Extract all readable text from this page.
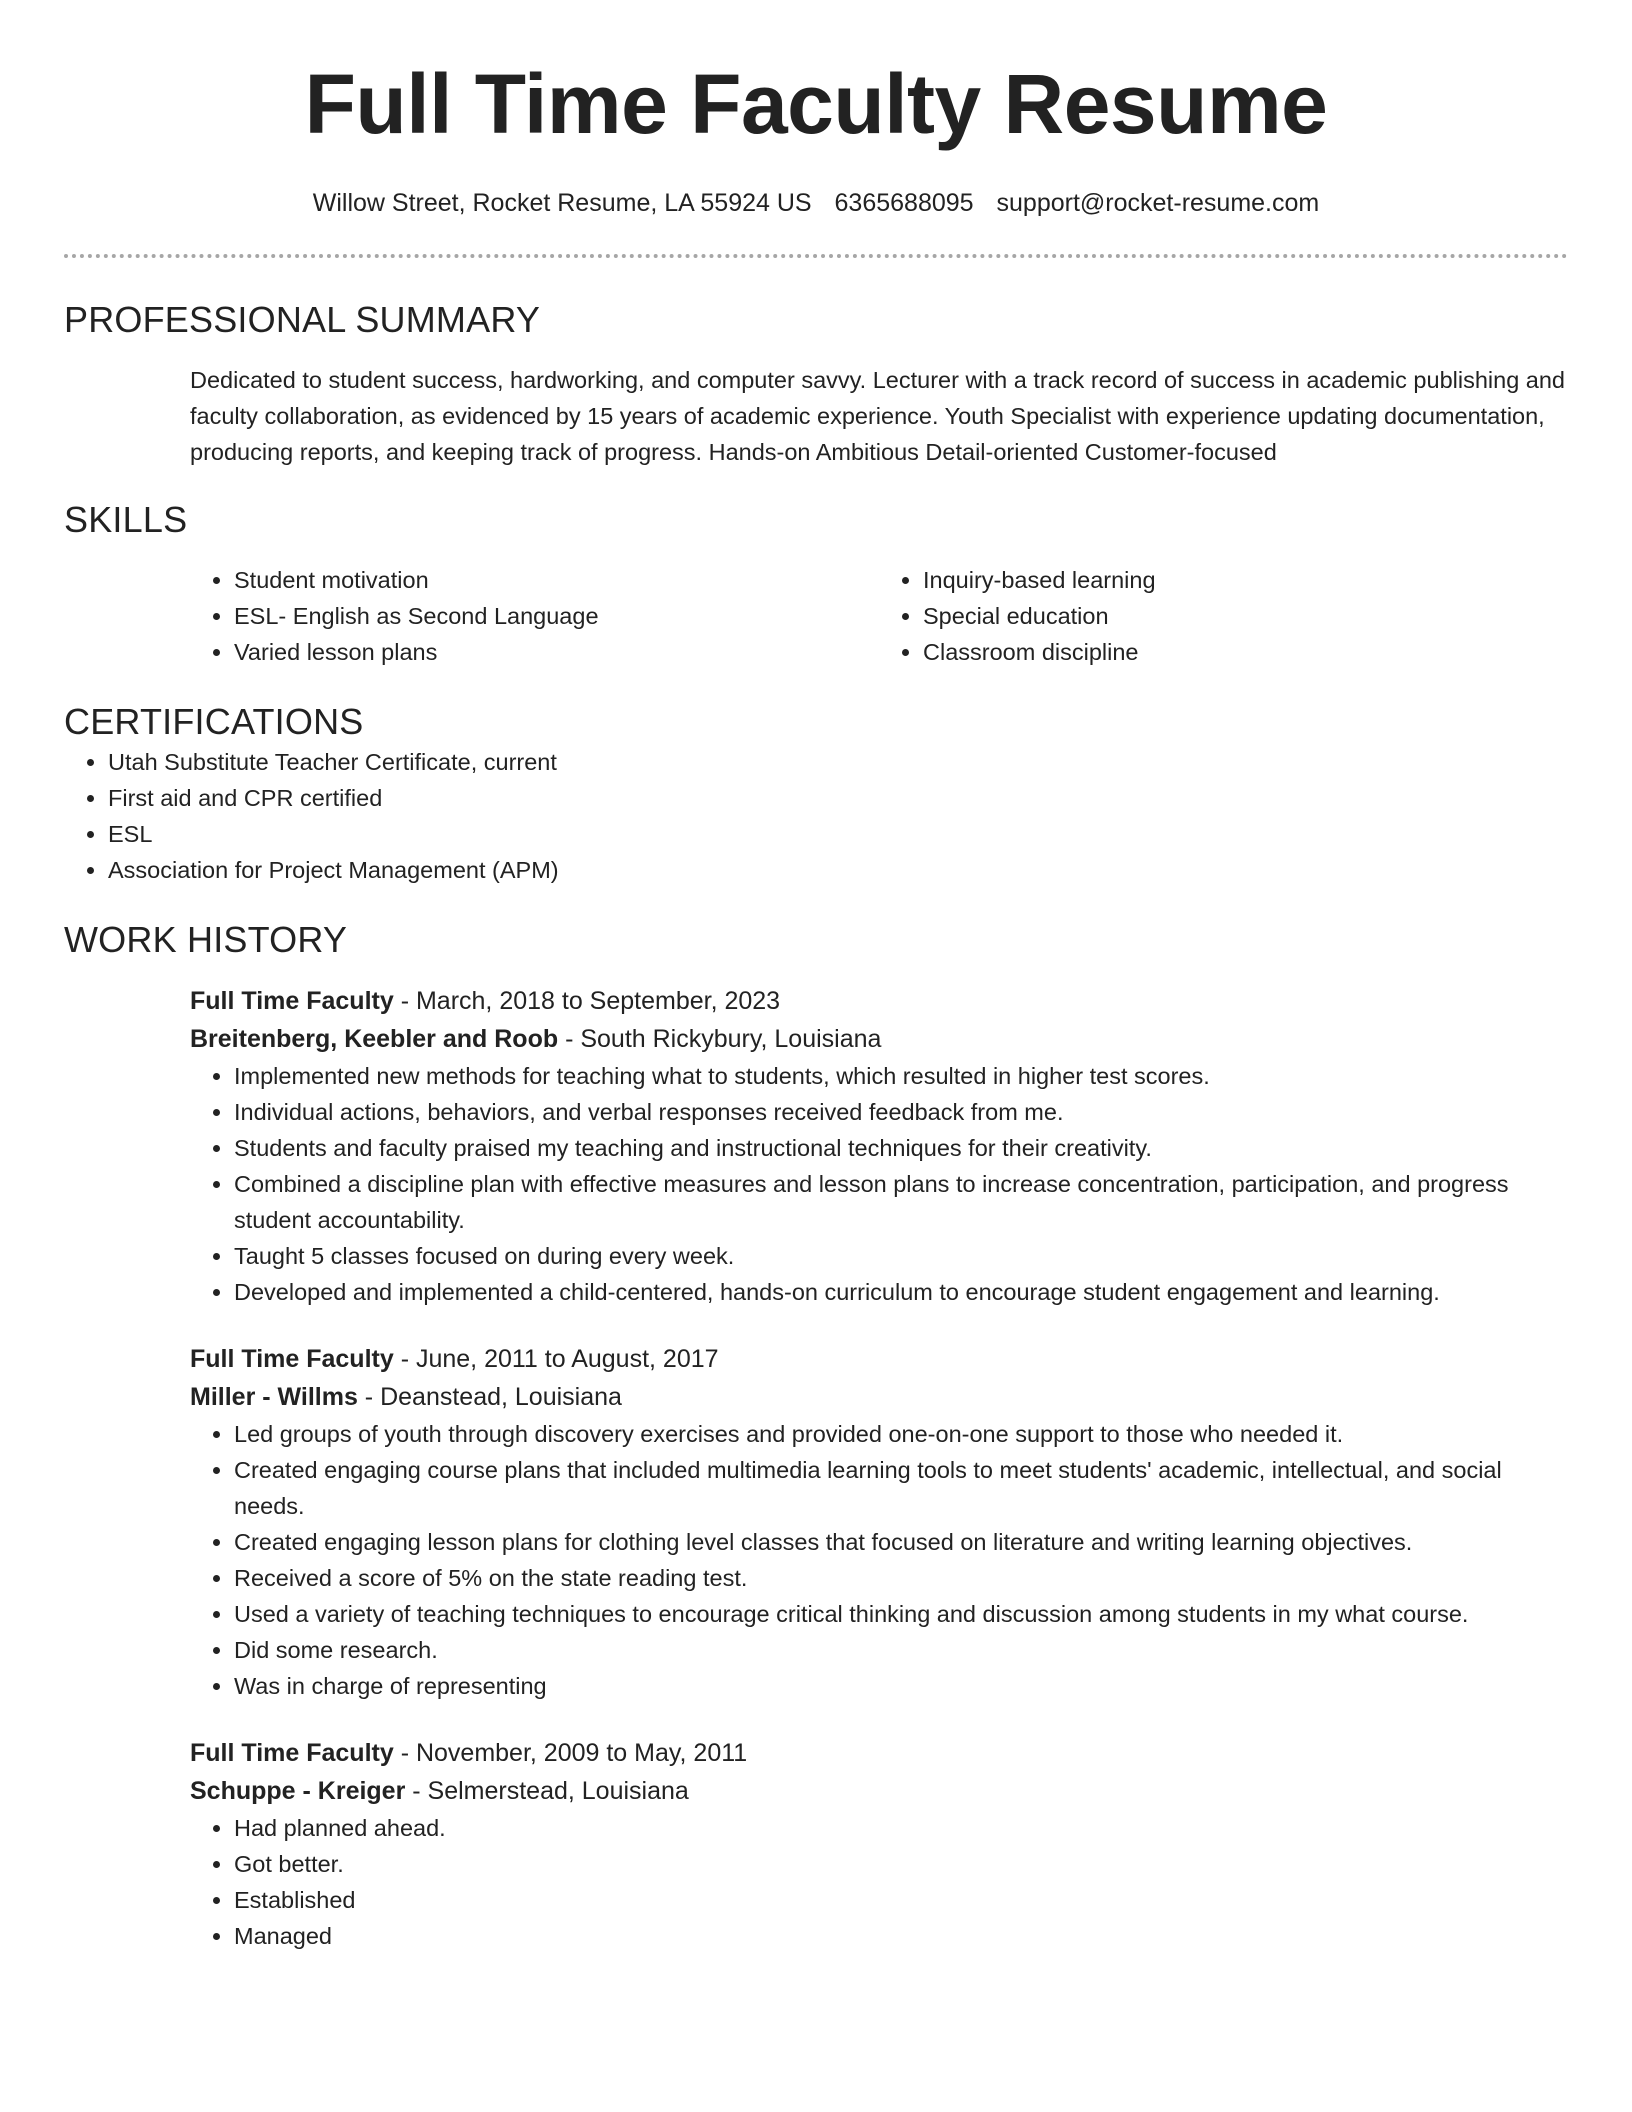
Full Time Faculty Resume
Willow Street, Rocket Resume, LA 55924 US 6365688095 support@rocket-resume.com
PROFESSIONAL SUMMARY

Dedicated to student success, hardworking, and computer savvy. Lecturer with a track record of success in academic publishing and faculty collaboration, as evidenced by 15 years of academic experience. Youth Specialist with experience updating documentation, producing reports, and keeping track of progress. Hands-on Ambitious Detail-oriented Customer-focused

SKILLS
• Student motivation
• ESL- English as Second Language
• Varied lesson plans
• Inquiry-based learning
• Special education
• Classroom discipline
CERTIFICATIONS
• Utah Substitute Teacher Certificate, current
• First aid and CPR certified
• ESL
• Association for Project Management (APM)
WORK HISTORY
Full Time Faculty - March, 2018 to September, 2023
Breitenberg, Keebler and Roob - South Rickybury, Louisiana
• Implemented new methods for teaching what to students, which resulted in higher test scores.
• Individual actions, behaviors, and verbal responses received feedback from me.
• Students and faculty praised my teaching and instructional techniques for their creativity.
• Combined a discipline plan with effective measures and lesson plans to increase concentration, participation, and progress student accountability.
• Taught 5 classes focused on during every week.
• Developed and implemented a child-centered, hands-on curriculum to encourage student engagement and learning.
Full Time Faculty - June, 2011 to August, 2017
Miller - Willms - Deanstead, Louisiana
• Led groups of youth through discovery exercises and provided one-on-one support to those who needed it.
• Created engaging course plans that included multimedia learning tools to meet students' academic, intellectual, and social needs.
• Created engaging lesson plans for clothing level classes that focused on literature and writing learning objectives.
• Received a score of 5% on the state reading test.
• Used a variety of teaching techniques to encourage critical thinking and discussion among students in my what course.
• Did some research.
• Was in charge of representing
Full Time Faculty - November, 2009 to May, 2011
Schuppe - Kreiger - Selmerstead, Louisiana
• Had planned ahead.
• Got better.
• Established
• Managed
